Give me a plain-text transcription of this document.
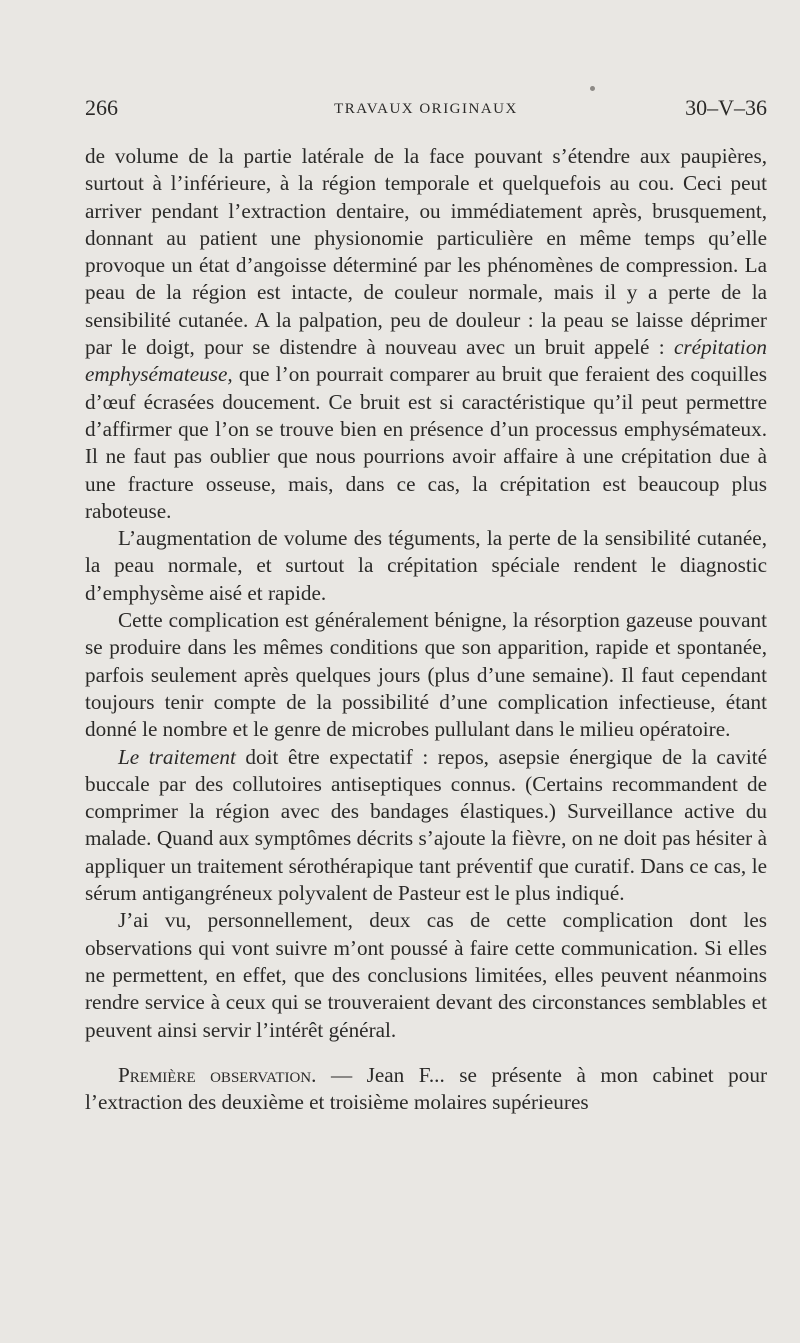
266	TRAVAUX ORIGINAUX	30–V–36

de volume de la partie latérale de la face pouvant s’étendre aux paupières, surtout à l’inférieure, à la région temporale et quelquefois au cou. Ceci peut arriver pendant l’extraction dentaire, ou immédiatement après, brusquement, donnant au patient une physionomie particulière en même temps qu’elle provoque un état d’angoisse déterminé par les phénomènes de compression. La peau de la région est intacte, de couleur normale, mais il y a perte de la sensibilité cutanée. A la palpation, peu de douleur : la peau se laisse déprimer par le doigt, pour se distendre à nouveau avec un bruit appelé : crépitation emphysémateuse, que l’on pourrait comparer au bruit que feraient des coquilles d’œuf écrasées doucement. Ce bruit est si caractéristique qu’il peut permettre d’affirmer que l’on se trouve bien en présence d’un processus emphysémateux. Il ne faut pas oublier que nous pourrions avoir affaire à une crépitation due à une fracture osseuse, mais, dans ce cas, la crépitation est beaucoup plus raboteuse.

L’augmentation de volume des téguments, la perte de la sensibilité cutanée, la peau normale, et surtout la crépitation spéciale rendent le diagnostic d’emphysème aisé et rapide.

Cette complication est généralement bénigne, la résorption gazeuse pouvant se produire dans les mêmes conditions que son apparition, rapide et spontanée, parfois seulement après quelques jours (plus d’une semaine). Il faut cependant toujours tenir compte de la possibilité d’une complication infectieuse, étant donné le nombre et le genre de microbes pullulant dans le milieu opératoire.

Le traitement doit être expectatif : repos, asepsie énergique de la cavité buccale par des collutoires antiseptiques connus. (Certains recommandent de comprimer la région avec des bandages élastiques.) Surveillance active du malade. Quand aux symptômes décrits s’ajoute la fièvre, on ne doit pas hésiter à appliquer un traitement sérothérapique tant préventif que curatif. Dans ce cas, le sérum antigangréneux polyvalent de Pasteur est le plus indiqué.

J’ai vu, personnellement, deux cas de cette complication dont les observations qui vont suivre m’ont poussé à faire cette communication. Si elles ne permettent, en effet, que des conclusions limitées, elles peuvent néanmoins rendre service à ceux qui se trouveraient devant des circonstances semblables et peuvent ainsi servir l’intérêt général.

Première observation. — Jean F... se présente à mon cabinet pour l’extraction des deuxième et troisième molaires supérieures
